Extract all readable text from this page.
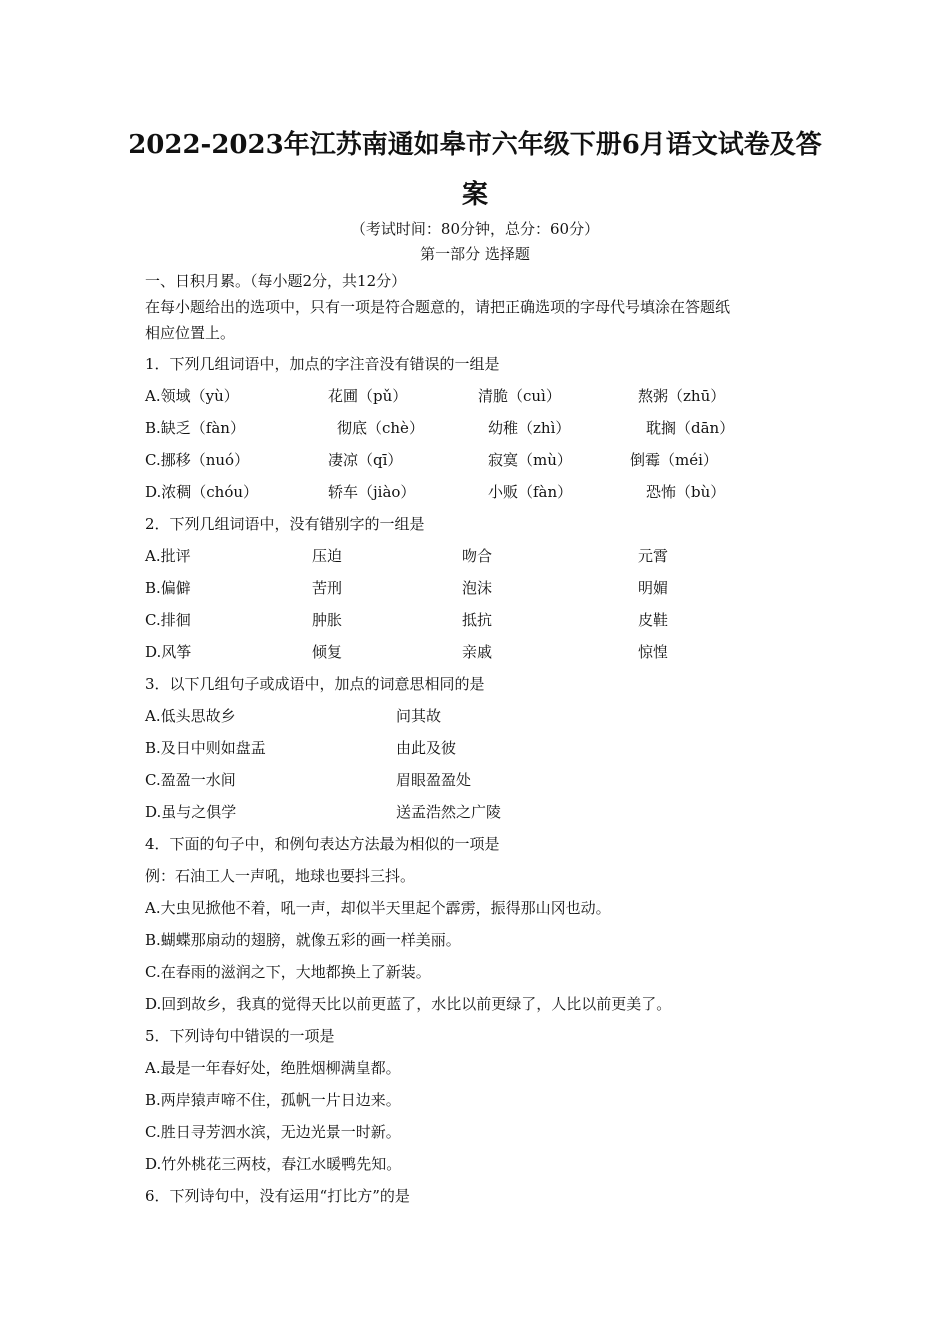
2022-2023年江苏南通如皋市六年级下册6月语文试卷及答
案
（考试时间：80分钟，总分：60分）
第一部分 选择题
一、日积月累。（每小题2分，共12分）
在每小题给出的选项中，只有一项是符合题意的，请把正确选项的字母代号填涂在答题纸
相应位置上。
1．下列几组词语中，加点的字注音没有错误的一组是
A.领域（yù）	花圃（pǔ）	清脆（cuì）	熬粥（zhū）
B.缺乏（fàn）	彻底（chè）	幼稚（zhì）	耽搁（dān）
C.挪移（nuó）	凄凉（qī）	寂寞（mù）	倒霉（méi）
D.浓稠（chóu）	轿车（jiào）	小贩（fàn）	恐怖（bù）
2．下列几组词语中，没有错别字的一组是
A.批评	压迫	吻合	元霄
B.偏僻	苦刑	泡沫	明媚
C.排徊	肿胀	抵抗	皮鞋
D.风筝	倾复	亲戚	惊惶
3．以下几组句子或成语中，加点的词意思相同的是
A.低头思故乡	问其故
B.及日中则如盘盂	由此及彼
C.盈盈一水间	眉眼盈盈处
D.虽与之俱学	送孟浩然之广陵
4．下面的句子中，和例句表达方法最为相似的一项是
例：石油工人一声吼，地球也要抖三抖。
A.大虫见掀他不着，吼一声，却似半天里起个霹雳，振得那山冈也动。
B.蝴蝶那扇动的翅膀，就像五彩的画一样美丽。
C.在春雨的滋润之下，大地都换上了新装。
D.回到故乡，我真的觉得天比以前更蓝了，水比以前更绿了，人比以前更美了。
5．下列诗句中错误的一项是
A.最是一年春好处，绝胜烟柳满皇都。
B.两岸猿声啼不住，孤帆一片日边来。
C.胜日寻芳泗水滨，无边光景一时新。
D.竹外桃花三两枝，春江水暖鸭先知。
6．下列诗句中，没有运用“打比方”的是
